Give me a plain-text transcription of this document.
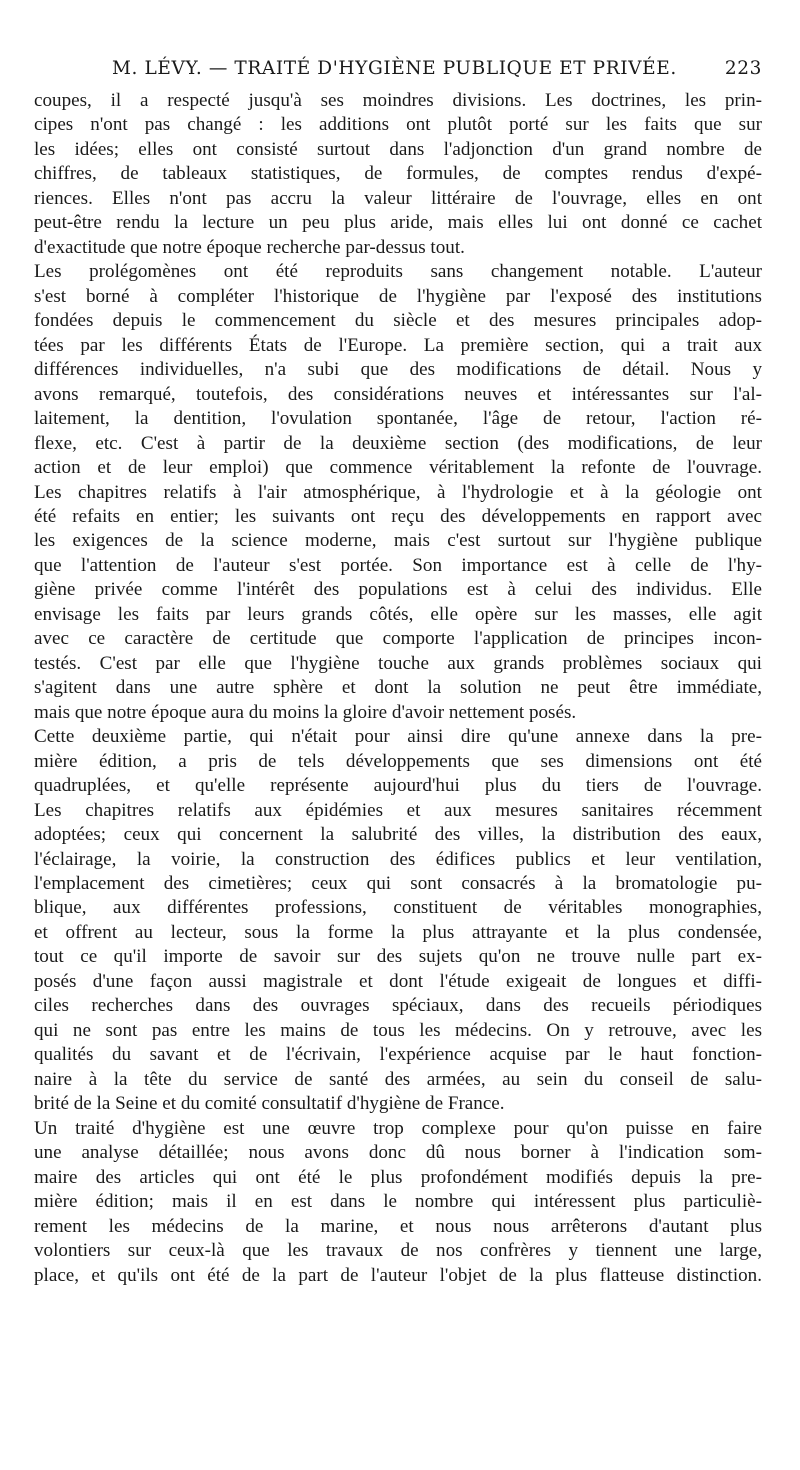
M. LÉVY. — TRAITÉ D'HYGIÈNE PUBLIQUE ET PRIVÉE.	223
coupes, il a respecté jusqu'à ses moindres divisions. Les doctrines, les prin-
cipes n'ont pas changé : les additions ont plutôt porté sur les faits que sur
les idées; elles ont consisté surtout dans l'adjonction d'un grand nombre de
chiffres, de tableaux statistiques, de formules, de comptes rendus d'expé-
riences. Elles n'ont pas accru la valeur littéraire de l'ouvrage, elles en ont
peut-être rendu la lecture un peu plus aride, mais elles lui ont donné ce cachet
d'exactitude que notre époque recherche par-dessus tout.
Les prolégomènes ont été reproduits sans changement notable. L'auteur
s'est borné à compléter l'historique de l'hygiène par l'exposé des institutions
fondées depuis le commencement du siècle et des mesures principales adop-
tées par les différents États de l'Europe. La première section, qui a trait aux
différences individuelles, n'a subi que des modifications de détail. Nous y
avons remarqué, toutefois, des considérations neuves et intéressantes sur l'al-
laitement, la dentition, l'ovulation spontanée, l'âge de retour, l'action ré-
flexe, etc. C'est à partir de la deuxième section (des modifications, de leur
action et de leur emploi) que commence véritablement la refonte de l'ouvrage.
Les chapitres relatifs à l'air atmosphérique, à l'hydrologie et à la géologie ont
été refaits en entier; les suivants ont reçu des développements en rapport avec
les exigences de la science moderne, mais c'est surtout sur l'hygiène publique
que l'attention de l'auteur s'est portée. Son importance est à celle de l'hy-
giène privée comme l'intérêt des populations est à celui des individus. Elle
envisage les faits par leurs grands côtés, elle opère sur les masses, elle agit
avec ce caractère de certitude que comporte l'application de principes incon-
testés. C'est par elle que l'hygiène touche aux grands problèmes sociaux qui
s'agitent dans une autre sphère et dont la solution ne peut être immédiate,
mais que notre époque aura du moins la gloire d'avoir nettement posés.
Cette deuxième partie, qui n'était pour ainsi dire qu'une annexe dans la pre-
mière édition, a pris de tels développements que ses dimensions ont été
quadruplées, et qu'elle représente aujourd'hui plus du tiers de l'ouvrage.
Les chapitres relatifs aux épidémies et aux mesures sanitaires récemment
adoptées; ceux qui concernent la salubrité des villes, la distribution des eaux,
l'éclairage, la voirie, la construction des édifices publics et leur ventilation,
l'emplacement des cimetières; ceux qui sont consacrés à la bromatologie pu-
blique, aux différentes professions, constituent de véritables monographies,
et offrent au lecteur, sous la forme la plus attrayante et la plus condensée,
tout ce qu'il importe de savoir sur des sujets qu'on ne trouve nulle part ex-
posés d'une façon aussi magistrale et dont l'étude exigeait de longues et diffi-
ciles recherches dans des ouvrages spéciaux, dans des recueils périodiques
qui ne sont pas entre les mains de tous les médecins. On y retrouve, avec les
qualités du savant et de l'écrivain, l'expérience acquise par le haut fonction-
naire à la tête du service de santé des armées, au sein du conseil de salu-
brité de la Seine et du comité consultatif d'hygiène de France.
Un traité d'hygiène est une œuvre trop complexe pour qu'on puisse en faire
une analyse détaillée; nous avons donc dû nous borner à l'indication som-
maire des articles qui ont été le plus profondément modifiés depuis la pre-
mière édition; mais il en est dans le nombre qui intéressent plus particuliè-
rement les médecins de la marine, et nous nous arrêterons d'autant plus
volontiers sur ceux-là que les travaux de nos confrères y tiennent une large,
place, et qu'ils ont été de la part de l'auteur l'objet de la plus flatteuse distinction.
